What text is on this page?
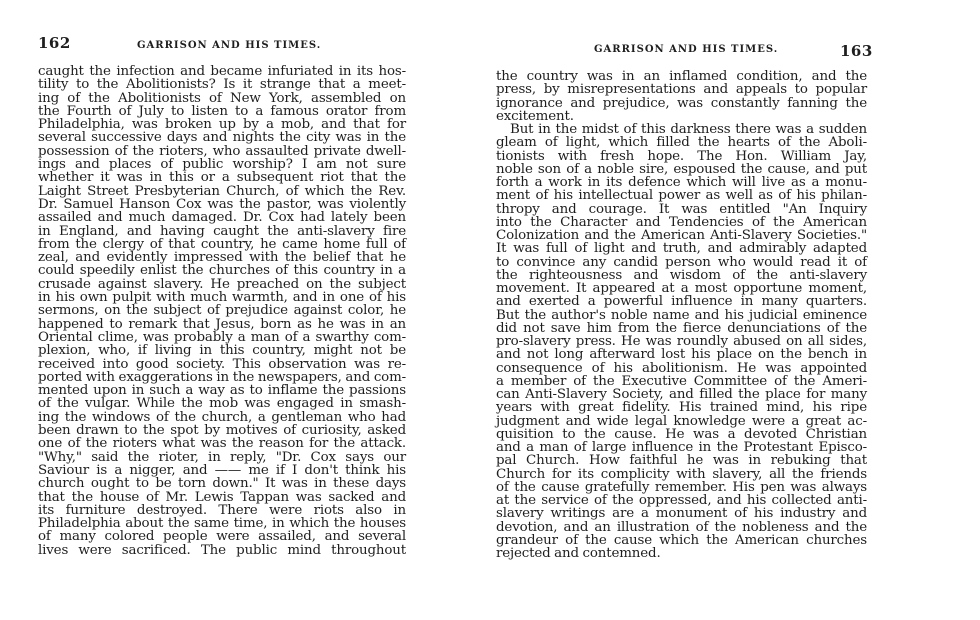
162	GARRISON AND HIS TIMES.
caught the infection and became infuriated in its hos-
tility to the Abolitionists? Is it strange that a meet-
ing of the Abolitionists of New York, assembled on
the Fourth of July to listen to a famous orator from
Philadelphia, was broken up by a mob, and that for
several successive days and nights the city was in the
possession of the rioters, who assaulted private dwell-
ings and places of public worship? I am not sure
whether it was in this or a subsequent riot that the
Laight Street Presbyterian Church, of which the Rev.
Dr. Samuel Hanson Cox was the pastor, was violently
assailed and much damaged. Dr. Cox had lately been
in England, and having caught the anti-slavery fire
from the clergy of that country, he came home full of
zeal, and evidently impressed with the belief that he
could speedily enlist the churches of this country in a
crusade against slavery. He preached on the subject
in his own pulpit with much warmth, and in one of his
sermons, on the subject of prejudice against color, he
happened to remark that Jesus, born as he was in an
Oriental clime, was probably a man of a swarthy com-
plexion, who, if living in this country, might not be
received into good society. This observation was re-
ported with exaggerations in the newspapers, and com-
mented upon in such a way as to inflame the passions
of the vulgar. While the mob was engaged in smash-
ing the windows of the church, a gentleman who had
been drawn to the spot by motives of curiosity, asked
one of the rioters what was the reason for the attack.
"Why," said the rioter, in reply, "Dr. Cox says our
Saviour is a nigger, and —— me if I don't think his
church ought to be torn down." It was in these days
that the house of Mr. Lewis Tappan was sacked and
its furniture destroyed. There were riots also in
Philadelphia about the same time, in which the houses
of many colored people were assailed, and several
lives were sacrificed. The public mind throughout
GARRISON AND HIS TIMES.	163
the country was in an inflamed condition, and the
press, by misrepresentations and appeals to popular
ignorance and prejudice, was constantly fanning the
excitement.
But in the midst of this darkness there was a sudden
gleam of light, which filled the hearts of the Aboli-
tionists with fresh hope. The Hon. William Jay,
noble son of a noble sire, espoused the cause, and put
forth a work in its defence which will live as a monu-
ment of his intellectual power as well as of his philan-
thropy and courage. It was entitled "An Inquiry
into the Character and Tendencies of the American
Colonization and the American Anti-Slavery Societies."
It was full of light and truth, and admirably adapted
to convince any candid person who would read it of
the righteousness and wisdom of the anti-slavery
movement. It appeared at a most opportune moment,
and exerted a powerful influence in many quarters.
But the author's noble name and his judicial eminence
did not save him from the fierce denunciations of the
pro-slavery press. He was roundly abused on all sides,
and not long afterward lost his place on the bench in
consequence of his abolitionism. He was appointed
a member of the Executive Committee of the Ameri-
can Anti-Slavery Society, and filled the place for many
years with great fidelity. His trained mind, his ripe
judgment and wide legal knowledge were a great ac-
quisition to the cause. He was a devoted Christian
and a man of large influence in the Protestant Episco-
pal Church. How faithful he was in rebuking that
Church for its complicity with slavery, all the friends
of the cause gratefully remember. His pen was always
at the service of the oppressed, and his collected anti-
slavery writings are a monument of his industry and
devotion, and an illustration of the nobleness and the
grandeur of the cause which the American churches
rejected and contemned.
